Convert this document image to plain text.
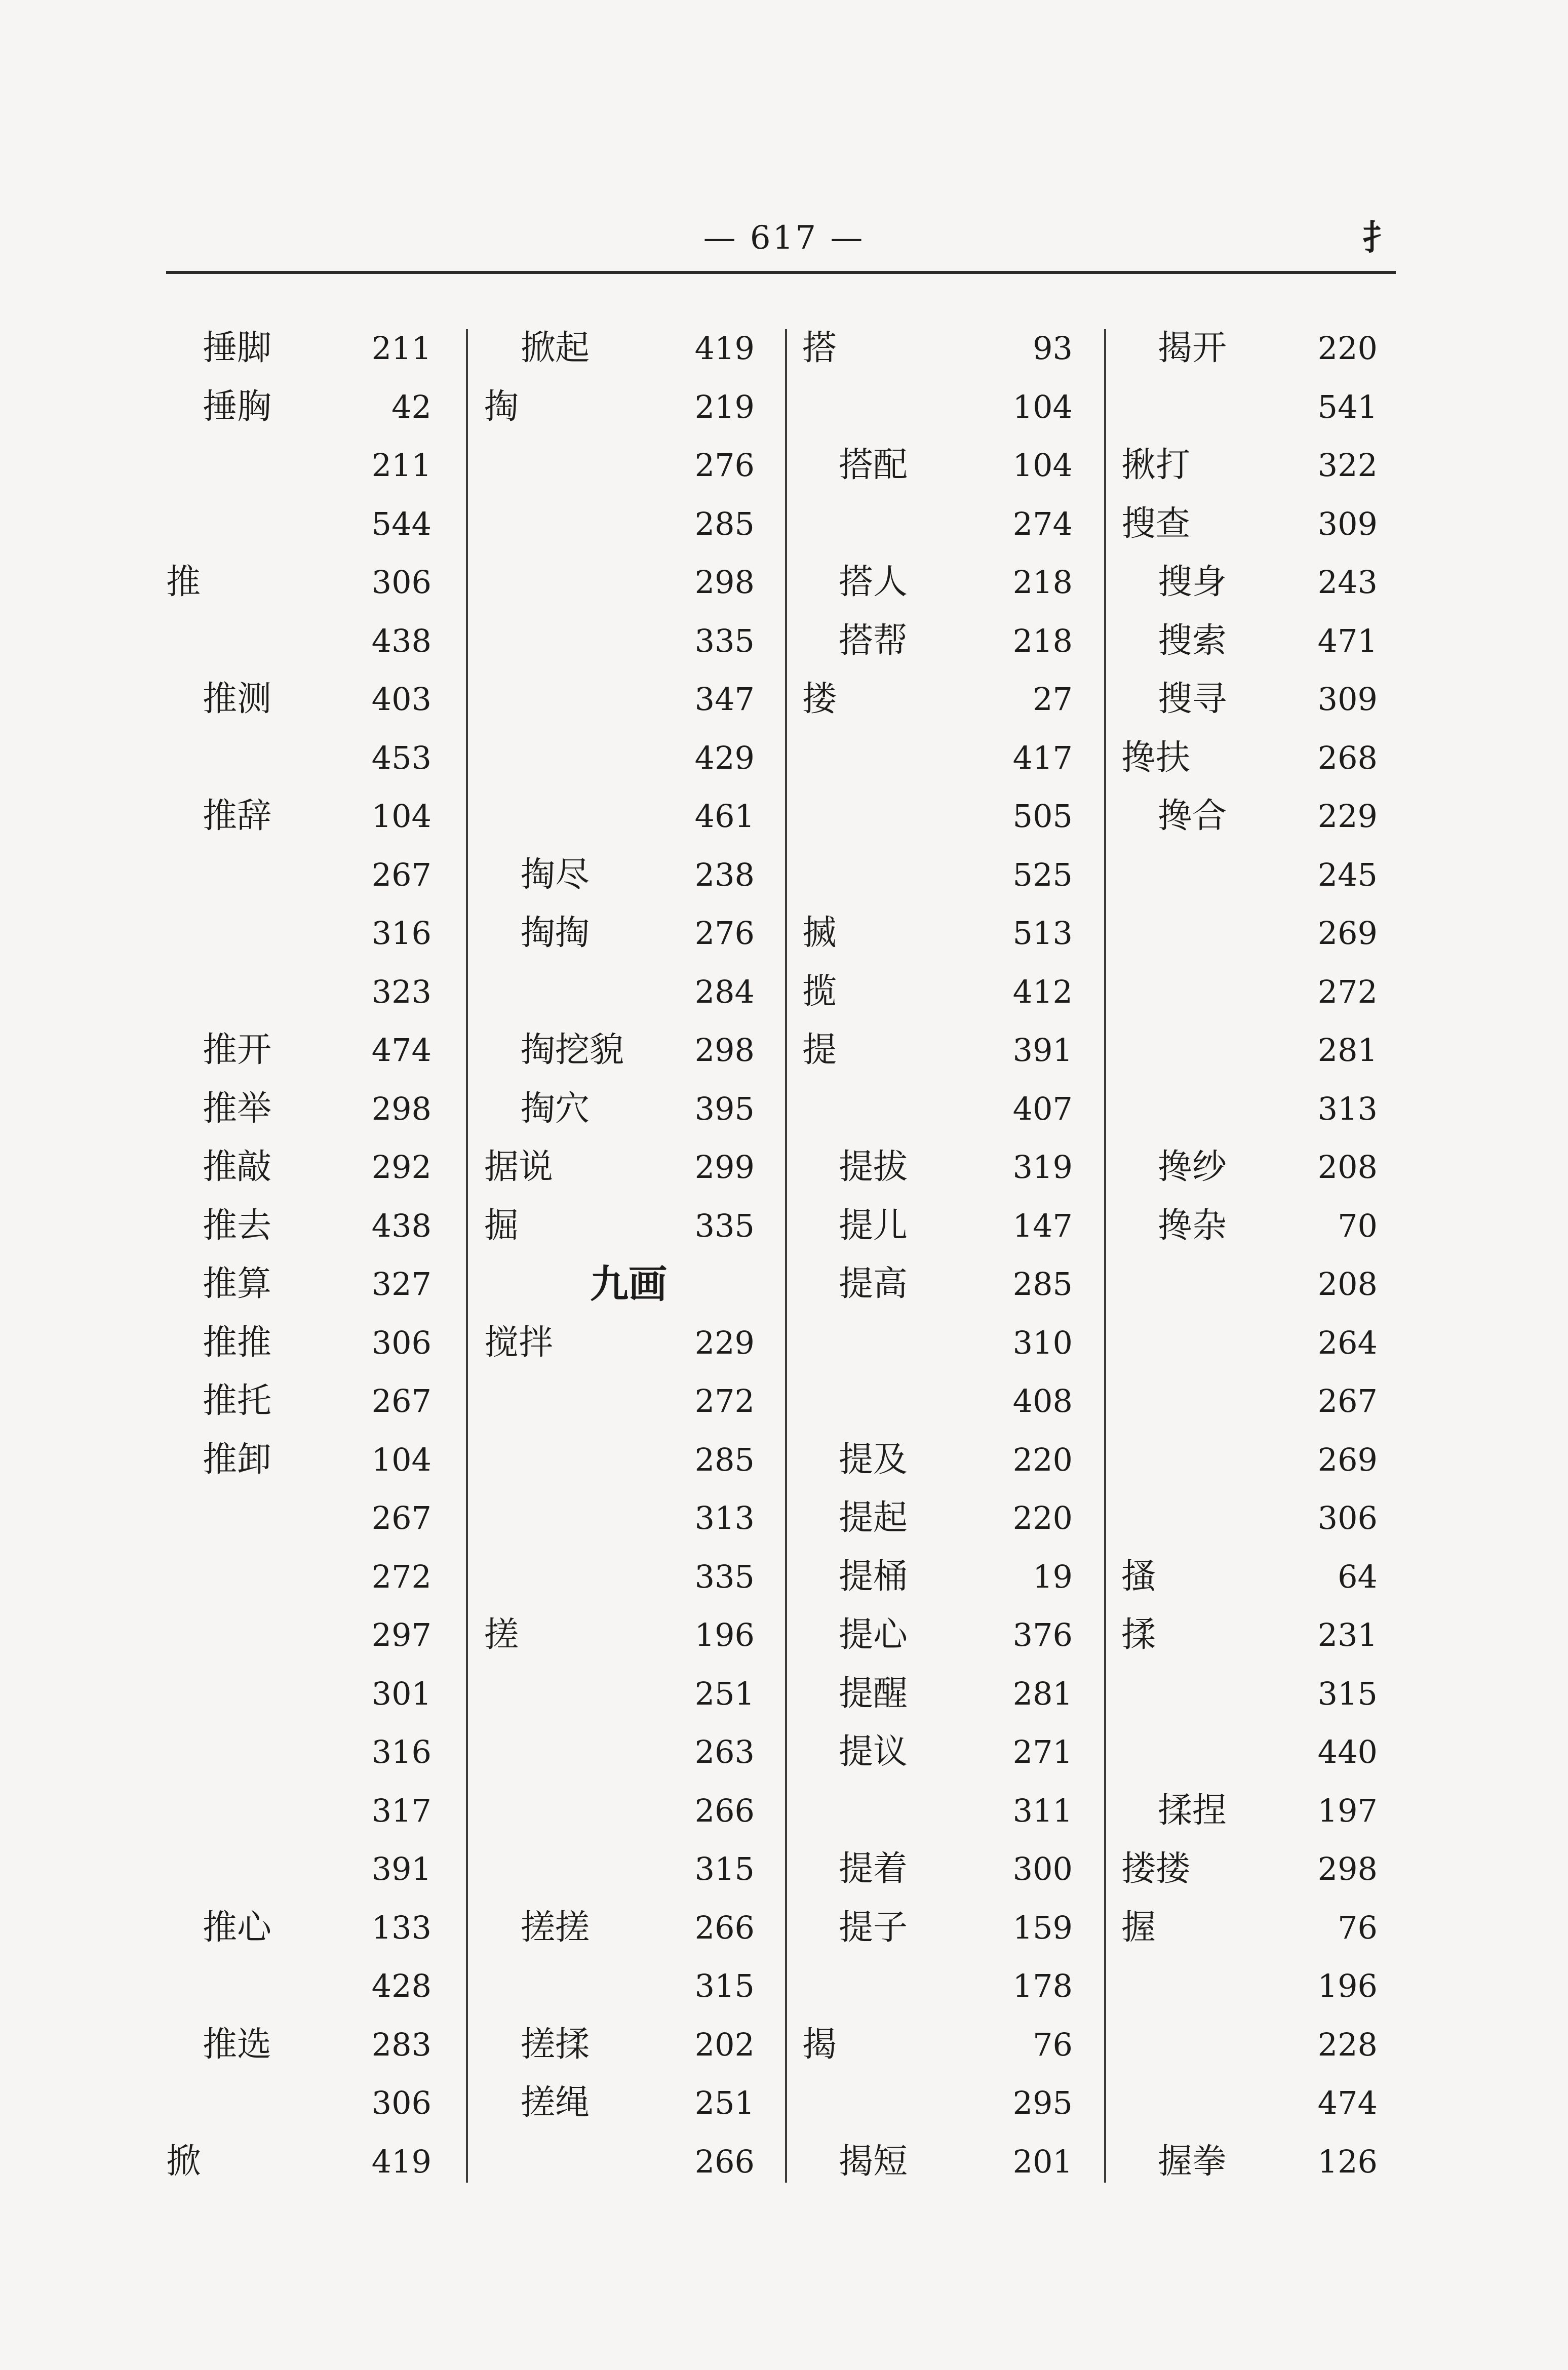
— 617 —	扌
捶脚	211
捶胸	42
211
544
推	306
438
推测	403
453
推辞	104
267
316
323
推开	474
推举	298
推敲	292
推去	438
推算	327
推推	306
推托	267
推卸	104
267
272
297
301
316
317
391
推心	133
428
推选	283
306
掀	419
掀起	419
掏	219
276
285
298
335
347
429
461
掏尽	238
掏掏	276
284
掏挖貌 298
掏穴	395
据说	299
掘	335
九画
搅拌	229
272
285
313
335
搓	196
251
263
266
315
搓搓	266
315
搓揉	202
搓绳	251
266
搭	93
104
搭配	104
274
搭人	218
搭帮	218
搂	27
417
505
525
搣	513
揽	412
提	391
407
提拔	319
提儿	147
提高	285
310
408
提及	220
提起	220
提桶	19
提心	376
提醒	281
提议	271
311
提着	300
提子	159
178
揭	76
295
揭短	201
揭开	220
541
揪打	322
搜查	309
搜身	243
搜索	471
搜寻	309
搀扶	268
搀合	229
245
269
272
281
313
搀纱	208
搀杂	70
208
264
267
269
306
搔	64
揉	231
315
440
揉捏	197
搂搂	298
握	76
196
228
474
握拳	126
